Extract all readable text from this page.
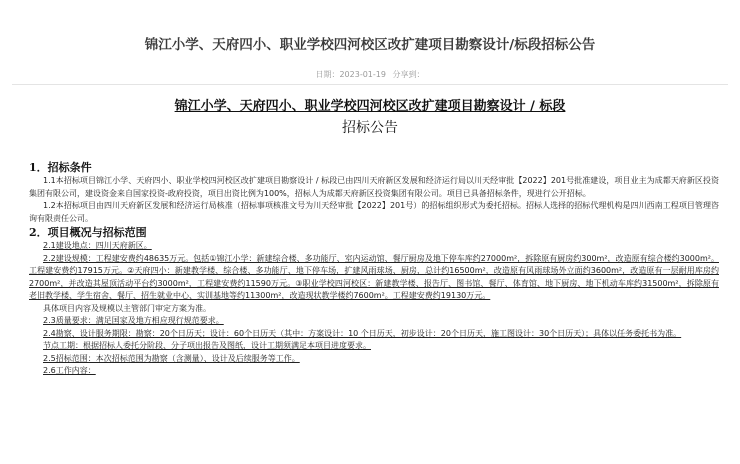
锦江小学、天府四小、职业学校四河校区改扩建项目勘察设计/标段招标公告
日期：2023-01-19 分享到：
锦江小学、天府四小、职业学校四河校区改扩建项目勘察设计 / 标段
招标公告
1．招标条件
1.1本招标项目锦江小学、天府四小、职业学校四河校区改扩建项目勘察设计 / 标段已由四川天府新区发展和经济运行局以川天经审批【2022】201号批准建设，项目业主为成都天府新区投资集团有限公司，建设资金来自国家投资-政府投资，项目出资比例为100%，招标人为成都天府新区投资集团有限公司。项目已具备招标条件，现进行公开招标。
1.2本招标项目由四川天府新区发展和经济运行局核准（招标事项核准文号为川天经审批【2022】201号）的招标组织形式为委托招标。招标人选择的招标代理机构是四川西南工程项目管理咨询有限责任公司。
2．项目概况与招标范围
2.1建设地点：四川天府新区。
2.2建设规模：工程建安费约48635万元。包括①锦江小学：新建综合楼、多功能厅、室内运动馆、餐厅厨房及地下停车库约27000m²，拆除原有厨房约300m²，改造原有综合楼约3000m²。工程建安费约17915万元。②天府四小：新建教学楼、综合楼、多功能厅、地下停车场，扩建风雨球场、厨房，总计约16500m²，改造原有风雨球场外立面约3600m²，改造原有一层耐用库房约2700m²，并改造其屋顶活动平台约3000m²，工程建安费约11590万元。③职业学校四河校区：新建教学楼、报告厅、图书馆、餐厅、体育馆、地下厨房、地下机动车库约31500m²，拆除原有老旧教学楼、学生宿舍、餐厅、招生就业中心、实训基地等约11300m²，改造现状教学楼约7600m²。工程建安费约19130万元。
具体项目内容及规模以主管部门审定方案为准。
2.3质量要求：满足国家及地方相应现行规范要求。
2.4勘察、设计服务期限：勘察：20个日历天；设计：60个日历天（其中：方案设计：10 个日历天，初步设计：20个日历天，施工图设计：30个日历天）；具体以任务委托书为准。
节点工期：根据招标人委托分阶段、分子项出报告及图纸，设计工期须满足本项目进度要求。
2.5招标范围：本次招标范围为勘察（含测量）、设计及后续服务等工作。
2.6工作内容：
